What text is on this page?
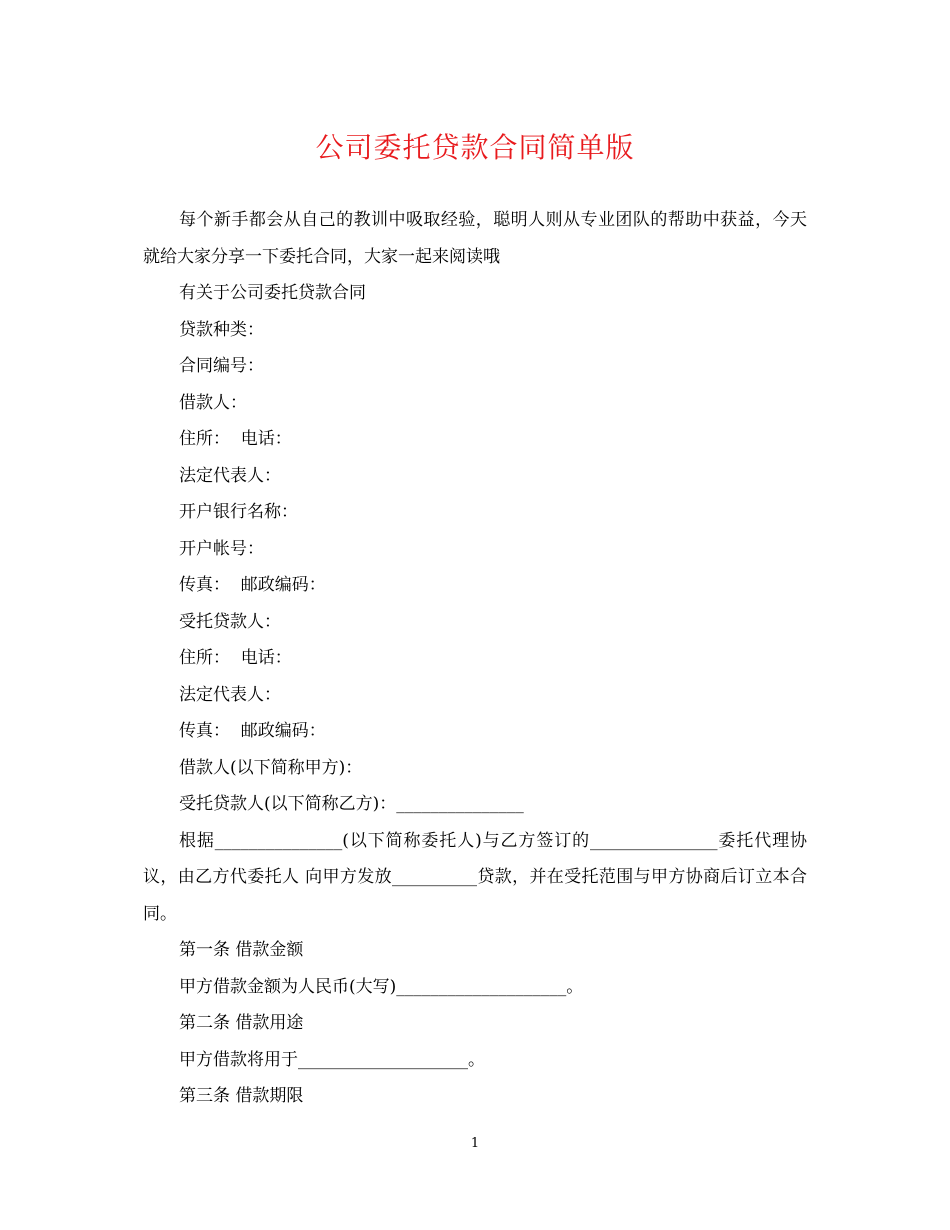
公司委托贷款合同简单版

每个新手都会从自己的教训中吸取经验，聪明人则从专业团队的帮助中获益，今天就给大家分享一下委托合同，大家一起来阅读哦

有关于公司委托贷款合同

贷款种类：

合同编号：

借款人：

住所：  电话：

法定代表人：

开户银行名称：

开户帐号：

传真：  邮政编码：

受托贷款人：

住所：  电话：

法定代表人：

传真：  邮政编码：

借款人(以下简称甲方)：

受托贷款人(以下简称乙方)：_______________

根据_______________(以下简称委托人)与乙方签订的_______________委托代理协议，由乙方代委托人 向甲方发放__________贷款，并在受托范围与甲方协商后订立本合同。

第一条 借款金额

甲方借款金额为人民币(大写)____________________。

第二条 借款用途

甲方借款将用于____________________。

第三条 借款期限

1
